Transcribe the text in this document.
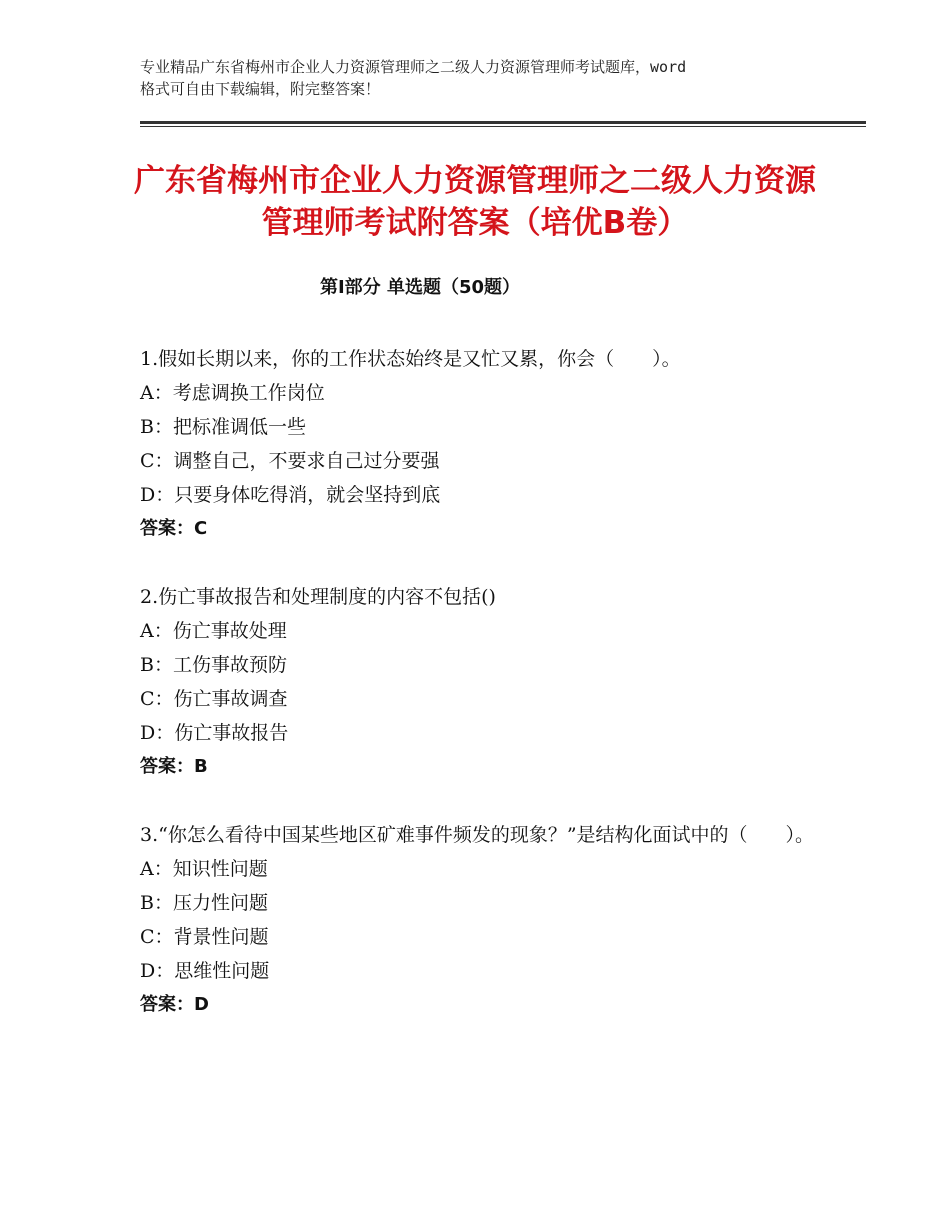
专业精品广东省梅州市企业人力资源管理师之二级人力资源管理师考试题库，word
格式可自由下载编辑，附完整答案！
广东省梅州市企业人力资源管理师之二级人力资源管理师考试附答案（培优B卷）
第Ⅰ部分 单选题（50题）
1.假如长期以来，你的工作状态始终是又忙又累，你会（　　）。
A：考虑调换工作岗位
B：把标准调低一些
C：调整自己，不要求自己过分要强
D：只要身体吃得消，就会坚持到底
答案：C
2.伤亡事故报告和处理制度的内容不包括()
A：伤亡事故处理
B：工伤事故预防
C：伤亡事故调查
D：伤亡事故报告
答案：B
3.“你怎么看待中国某些地区矿难事件频发的现象？”是结构化面试中的（　　）。
A：知识性问题
B：压力性问题
C：背景性问题
D：思维性问题
答案：D
